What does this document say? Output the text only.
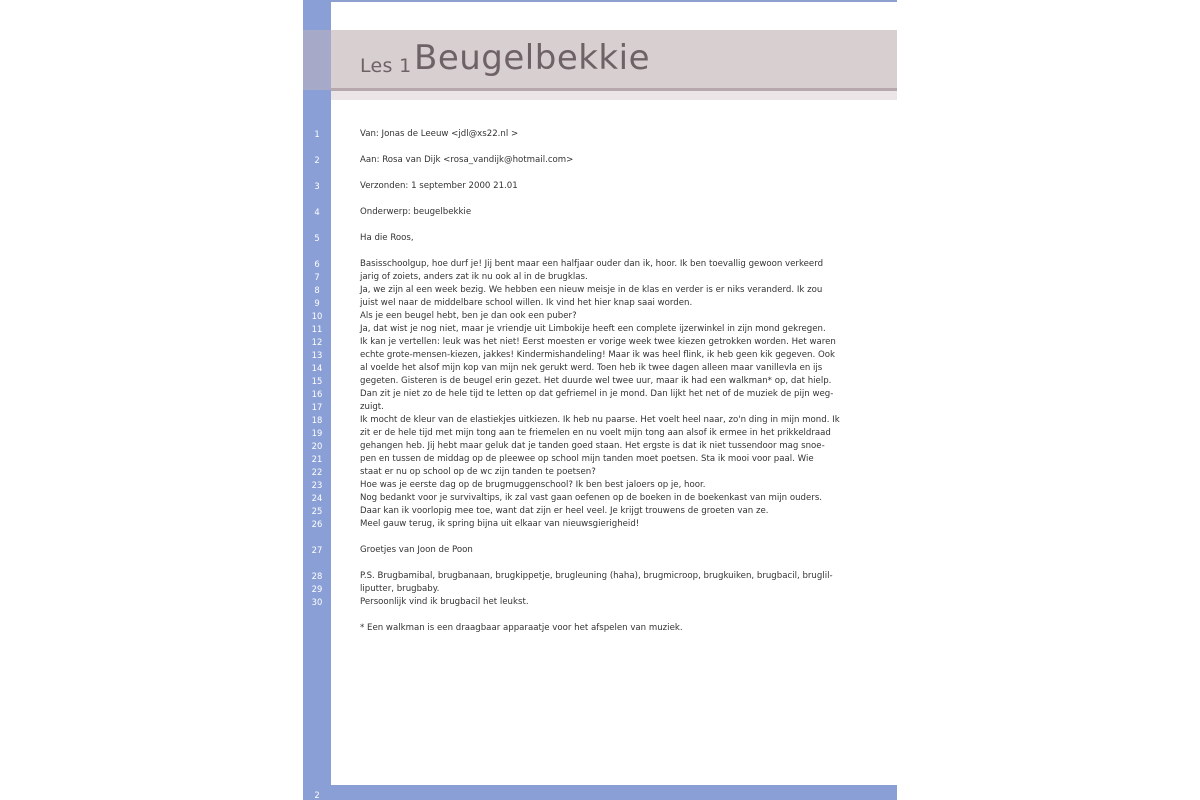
Les 1 Beugelbekkie
1	Van: Jonas de Leeuw <jdl@xs22.nl >
2	Aan: Rosa van Dijk <rosa_vandijk@hotmail.com>
3	Verzonden: 1 september 2000 21.01
4	Onderwerp: beugelbekkie
5	Ha die Roos,
6	Basisschoolgup, hoe durf je! Jij bent maar een halfjaar ouder dan ik, hoor. Ik ben toevallig gewoon verkeerd
7	jarig of zoiets, anders zat ik nu ook al in de brugklas.
8	Ja, we zijn al een week bezig. We hebben een nieuw meisje in de klas en verder is er niks veranderd. Ik zou
9	juist wel naar de middelbare school willen. Ik vind het hier knap saai worden.
10	Als je een beugel hebt, ben je dan ook een puber?
11	Ja, dat wist je nog niet, maar je vriendje uit Limbokije heeft een complete ijzerwinkel in zijn mond gekregen.
12	Ik kan je vertellen: leuk was het niet! Eerst moesten er vorige week twee kiezen getrokken worden. Het waren
13	echte grote-mensen-kiezen, jakkes! Kindermishandeling! Maar ik was heel flink, ik heb geen kik gegeven. Ook
14	al voelde het alsof mijn kop van mijn nek gerukt werd. Toen heb ik twee dagen alleen maar vanillevla en ijs
15	gegeten. Gisteren is de beugel erin gezet. Het duurde wel twee uur, maar ik had een walkman* op, dat hielp.
16	Dan zit je niet zo de hele tijd te letten op dat gefriemel in je mond. Dan lijkt het net of de muziek de pijn weg-
17	zuigt.
18	Ik mocht de kleur van de elastiekjes uitkiezen. Ik heb nu paarse. Het voelt heel naar, zo'n ding in mijn mond. Ik
19	zit er de hele tijd met mijn tong aan te friemelen en nu voelt mijn tong aan alsof ik ermee in het prikkeldraad
20	gehangen heb. Jij hebt maar geluk dat je tanden goed staan. Het ergste is dat ik niet tussendoor mag snoe-
21	pen en tussen de middag op de pleewee op school mijn tanden moet poetsen. Sta ik mooi voor paal. Wie
22	staat er nu op school op de wc zijn tanden te poetsen?
23	Hoe was je eerste dag op de brugmuggenschool? Ik ben best jaloers op je, hoor.
24	Nog bedankt voor je survivaltips, ik zal vast gaan oefenen op de boeken in de boekenkast van mijn ouders.
25	Daar kan ik voorlopig mee toe, want dat zijn er heel veel. Je krijgt trouwens de groeten van ze.
26	Meel gauw terug, ik spring bijna uit elkaar van nieuwsgierigheid!
27	Groetjes van Joon de Poon
28	P.S. Brugbamibal, brugbanaan, brugkippetje, brugleuning (haha), brugmicroop, brugkuiken, brugbacil, bruglil-
29	liputter, brugbaby.
30	Persoonlijk vind ik brugbacil het leukst.
* Een walkman is een draagbaar apparaatje voor het afspelen van muziek.
2
